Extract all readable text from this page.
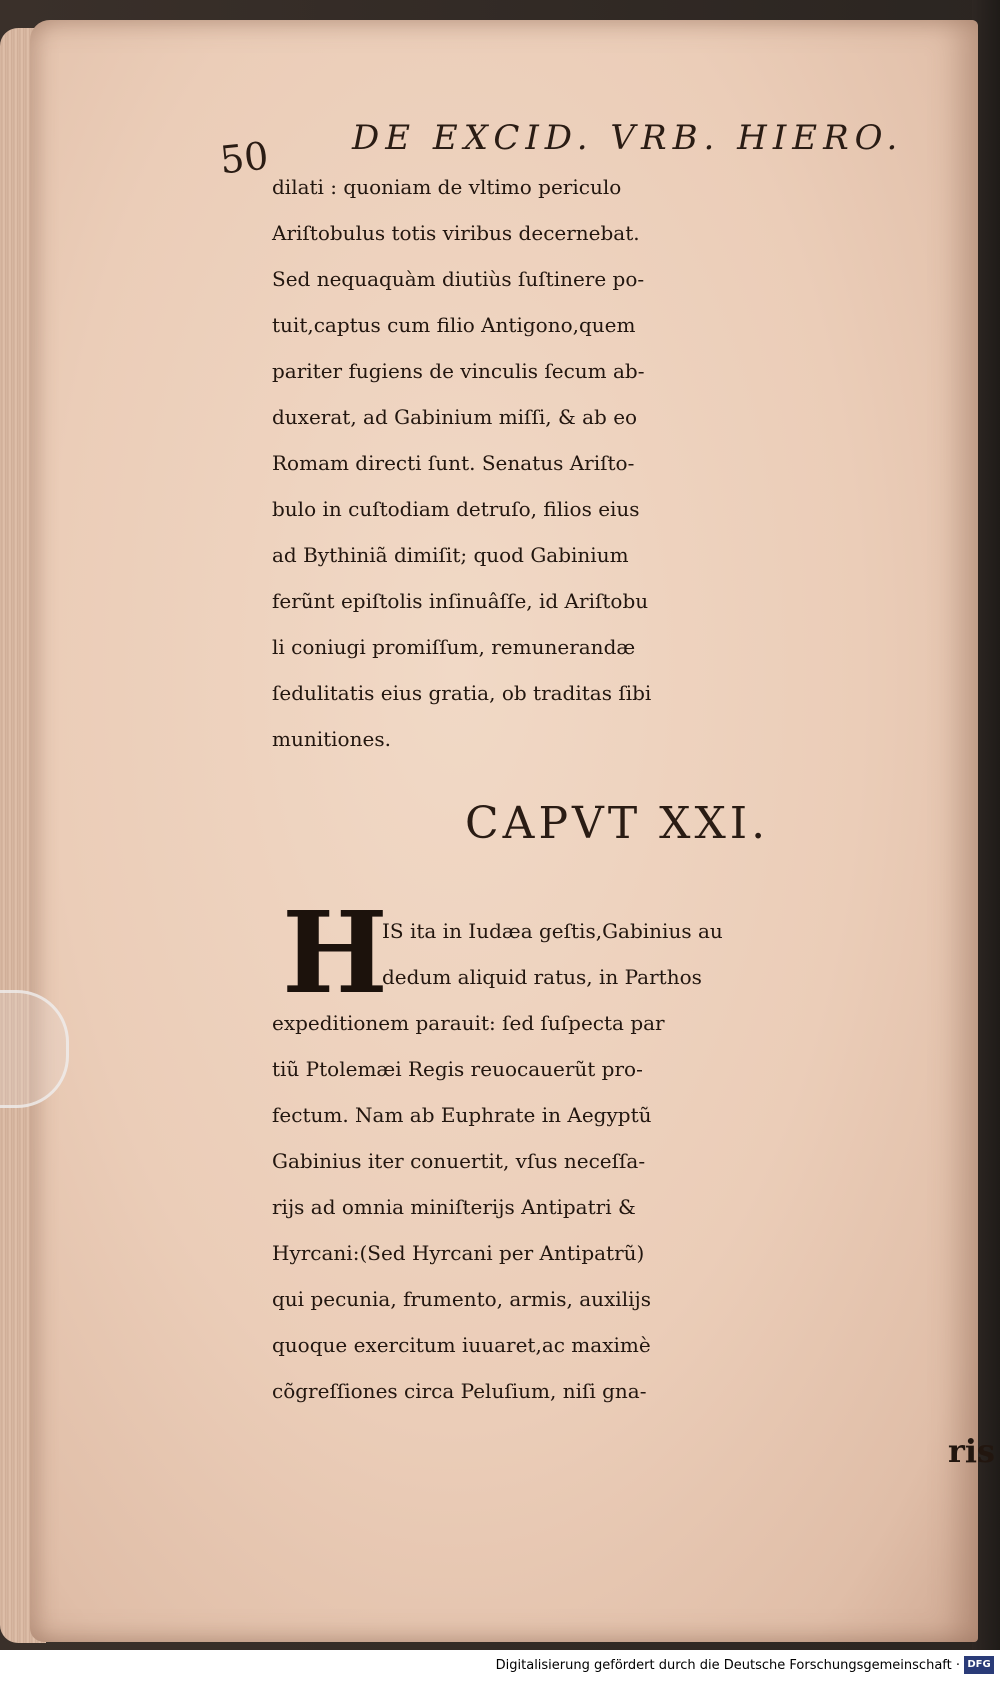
50 DE EXCID. VRB. HIERO.
dilati : quoniam de vltimo periculo
Ariſtobulus totis viribus decernebat.
Sed nequaquàm diutiùs ſuſtinere po-
tuit,captus cum filio Antigono,quem
pariter fugiens de vinculis ſecum ab-
duxerat, ad Gabinium miſſi, & ab eo
Romam directi ſunt. Senatus Ariſto-
bulo in cuſtodiam detruſo, filios eius
ad Bythiniã dimiſit; quod Gabinium
ferũnt epiſtolis inſinuâſſe, id Ariſtobu
li coniugi promiſſum, remunerandæ
ſedulitatis eius gratia, ob traditas ſibi
munitiones.
CAPVT XXI.
H
IS ita in Iudæa geſtis,Gabinius au
dedum aliquid ratus, in Parthos
expeditionem parauit: ſed ſuſpecta par
tiũ Ptolemæi Regis reuocauerũt pro-
fectum. Nam ab Euphrate in Aegyptũ
Gabinius iter conuertit, vſus neceſſa-
rijs ad omnia miniſterijs Antipatri &
Hyrcani:(Sed Hyrcani per Antipatrũ)
qui pecunia, frumento, armis, auxilijs
quoque exercitum iuuaret,ac maximè
cõgreſſiones circa Peluſium, niſi gna-
ris
Digitalisierung gefördert durch die Deutsche Forschungsgemeinschaft · DFG
